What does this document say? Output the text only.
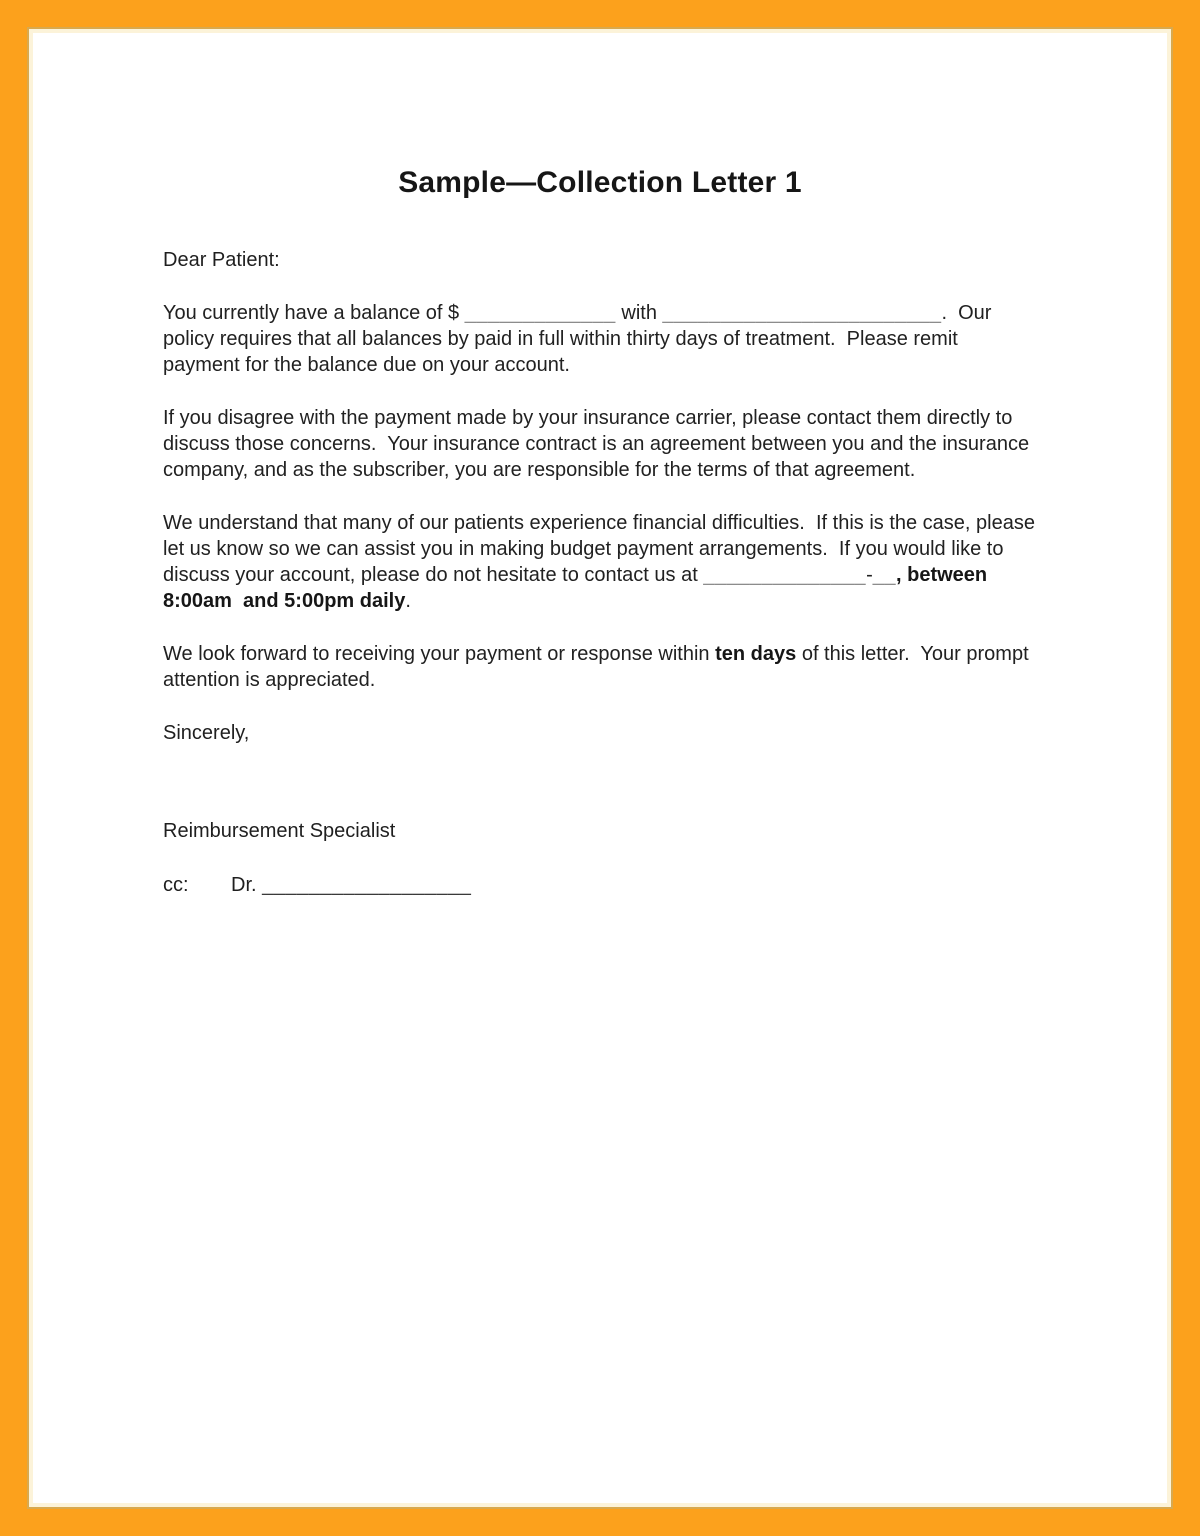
Sample—Collection Letter 1
Dear Patient:

You currently have a balance of $ _____________ with ________________________.  Our policy requires that all balances by paid in full within thirty days of treatment.  Please remit payment for the balance due on your account.

If you disagree with the payment made by your insurance carrier, please contact them directly to discuss those concerns.  Your insurance contract is an agreement between you and the insurance company, and as the subscriber, you are responsible for the terms of that agreement.

We understand that many of our patients experience financial difficulties.  If this is the case, please let us know so we can assist you in making budget payment arrangements.  If you would like to discuss your account, please do not hesitate to contact us at ______________-__, between 8:00am  and 5:00pm daily.

We look forward to receiving your payment or response within ten days of this letter.  Your prompt attention is appreciated.

Sincerely,
Reimbursement Specialist
cc: Dr. __________________
